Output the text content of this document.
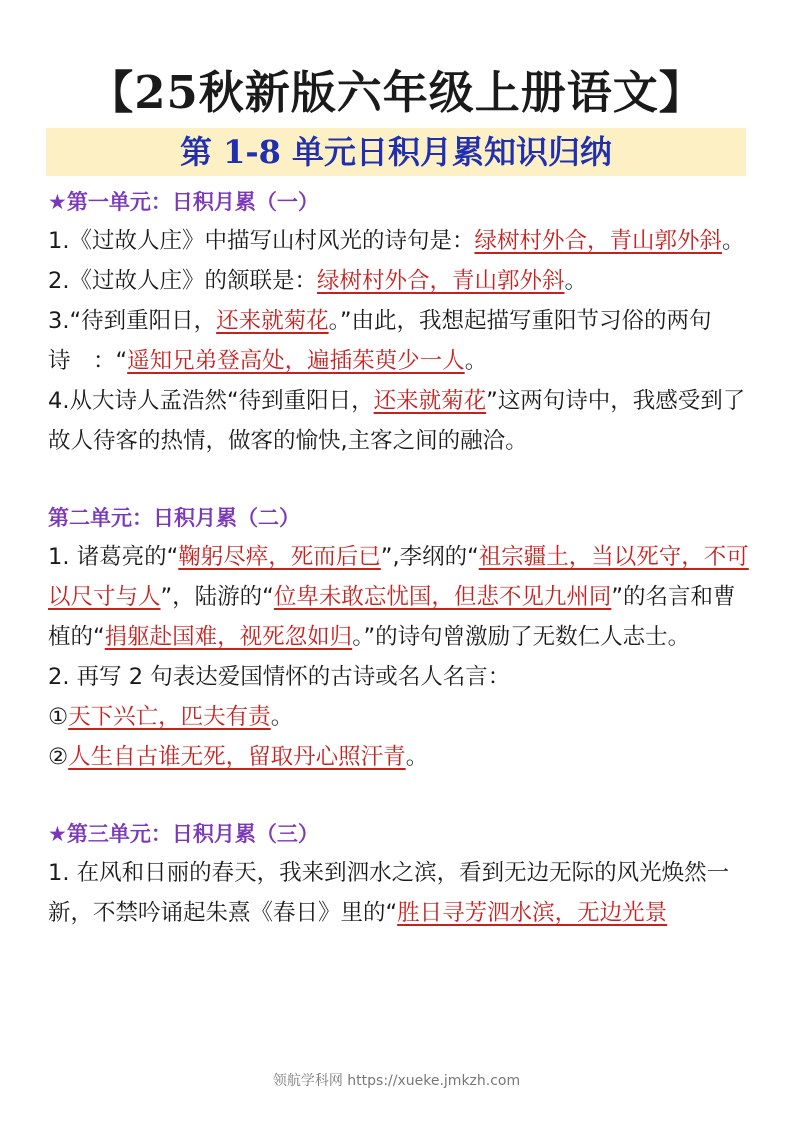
【25秋新版六年级上册语文】
第 1-8 单元日积月累知识归纳
★第一单元：日积月累（一）

1.《过故人庄》中描写山村风光的诗句是：绿树村外合，青山郭外斜。

2.《过故人庄》的颔联是：绿树村外合，青山郭外斜。

3.“待到重阳日，还来就菊花。”由此，我想起描写重阳节习俗的两句诗　：“遥知兄弟登高处，遍插茱萸少一人。

4.从大诗人孟浩然“待到重阳日，还来就菊花”这两句诗中，我感受到了故人待客的热情，做客的愉快,主客之间的融洽。

第二单元：日积月累（二）

1. 诸葛亮的“鞠躬尽瘁，死而后已”,李纲的“祖宗疆土，当以死守，不可以尺寸与人”，陆游的“位卑未敢忘忧国，但悲不见九州同”的名言和曹植的“捐躯赴国难，视死忽如归。”的诗句曾激励了无数仁人志士。

2. 再写 2 句表达爱国情怀的古诗或名人名言：

①天下兴亡，匹夫有责。

②人生自古谁无死，留取丹心照汗青。

★第三单元：日积月累（三）

1. 在风和日丽的春天，我来到泗水之滨，看到无边无际的风光焕然一新，不禁吟诵起朱熹《春日》里的“胜日寻芳泗水滨，无边光景

领航学科网 https://xueke.jmkzh.com
